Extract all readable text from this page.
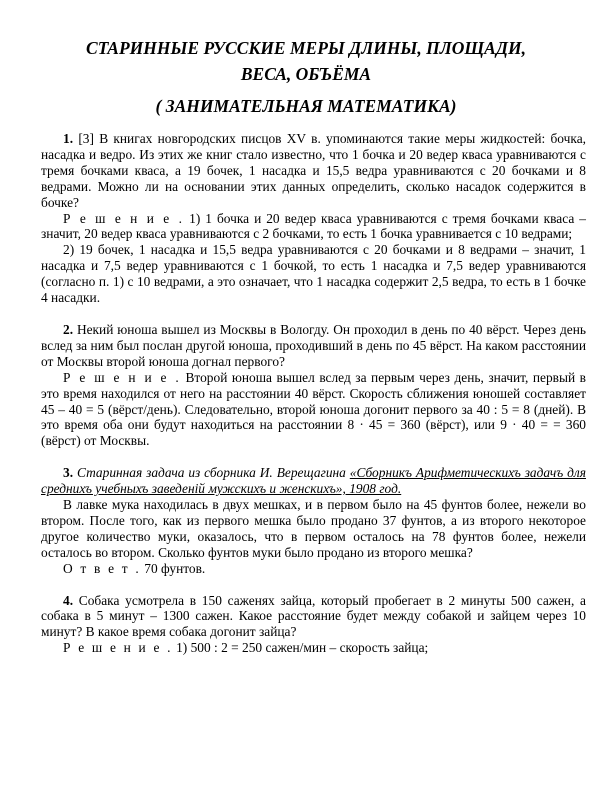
СТАРИННЫЕ РУССКИЕ МЕРЫ ДЛИНЫ, ПЛОЩАДИ,
ВЕСА, ОБЪЁМА
( ЗАНИМАТЕЛЬНАЯ МАТЕМАТИКА)

1. [3] В книгах новгородских писцов XV в. упоминаются такие меры жидкостей: бочка, насадка и ведро. Из этих же книг стало известно, что 1 бочка и 20 ведер кваса уравниваются с тремя бочками кваса, а 19 бочек, 1 насадка и 15,5 ведра уравниваются с 20 бочками и 8 ведрами. Можно ли на основании этих данных определить, сколько насадок содержится в бочке?

Р е ш е н и е . 1) 1 бочка и 20 ведер кваса уравниваются с тремя бочками кваса – значит, 20 ведер кваса уравниваются с 2 бочками, то есть 1 бочка уравнивается с 10 ведрами;

2) 19 бочек, 1 насадка и 15,5 ведра уравниваются с 20 бочками и 8 ведрами – значит, 1 насадка и 7,5 ведер уравниваются с 1 бочкой, то есть 1 насадка и 7,5 ведер уравниваются (согласно п. 1) с 10 ведрами, а это означает, что 1 насадка содержит 2,5 ведра, то есть в 1 бочке 4 насадки.

2. Некий юноша вышел из Москвы в Вологду. Он проходил в день по 40 вёрст. Через день вслед за ним был послан другой юноша, проходивший в день по 45 вёрст. На каком расстоянии от Москвы второй юноша догнал первого?

Р е ш е н и е . Второй юноша вышел вслед за первым через день, значит, первый в это время находился от него на расстоянии 40 вёрст. Скорость сближения юношей составляет 45 – 40 = 5 (вёрст/день). Следовательно, второй юноша догонит первого за 40 : 5 = 8 (дней). В это время оба они будут находиться на расстоянии 8 · 45 = 360 (вёрст), или 9 · 40 = = 360 (вёрст) от Москвы.

3. Старинная задача из сборника И. Верещагина «Сборникъ Арифметическихъ задачъ для среднихъ учебныхъ заведенiй мужскихъ и женскихъ», 1908 год.

В лавке мука находилась в двух мешках, и в первом было на 45 фунтов более, нежели во втором. После того, как из первого мешка было продано 37 фунтов, а из второго некоторое другое количество муки, оказалось, что в первом осталось на 78 фунтов более, нежели осталось во втором. Сколько фунтов муки было продано из второго мешка?

О т в е т . 70 фунтов.

4. Собака усмотрела в 150 саженях зайца, который пробегает в 2 минуты 500 сажен, а собака в 5 минут – 1300 сажен. Какое расстояние будет между собакой и зайцем через 10 минут? В какое время собака догонит зайца?

Р е ш е н и е . 1) 500 : 2 = 250 сажен/мин – скорость зайца;
